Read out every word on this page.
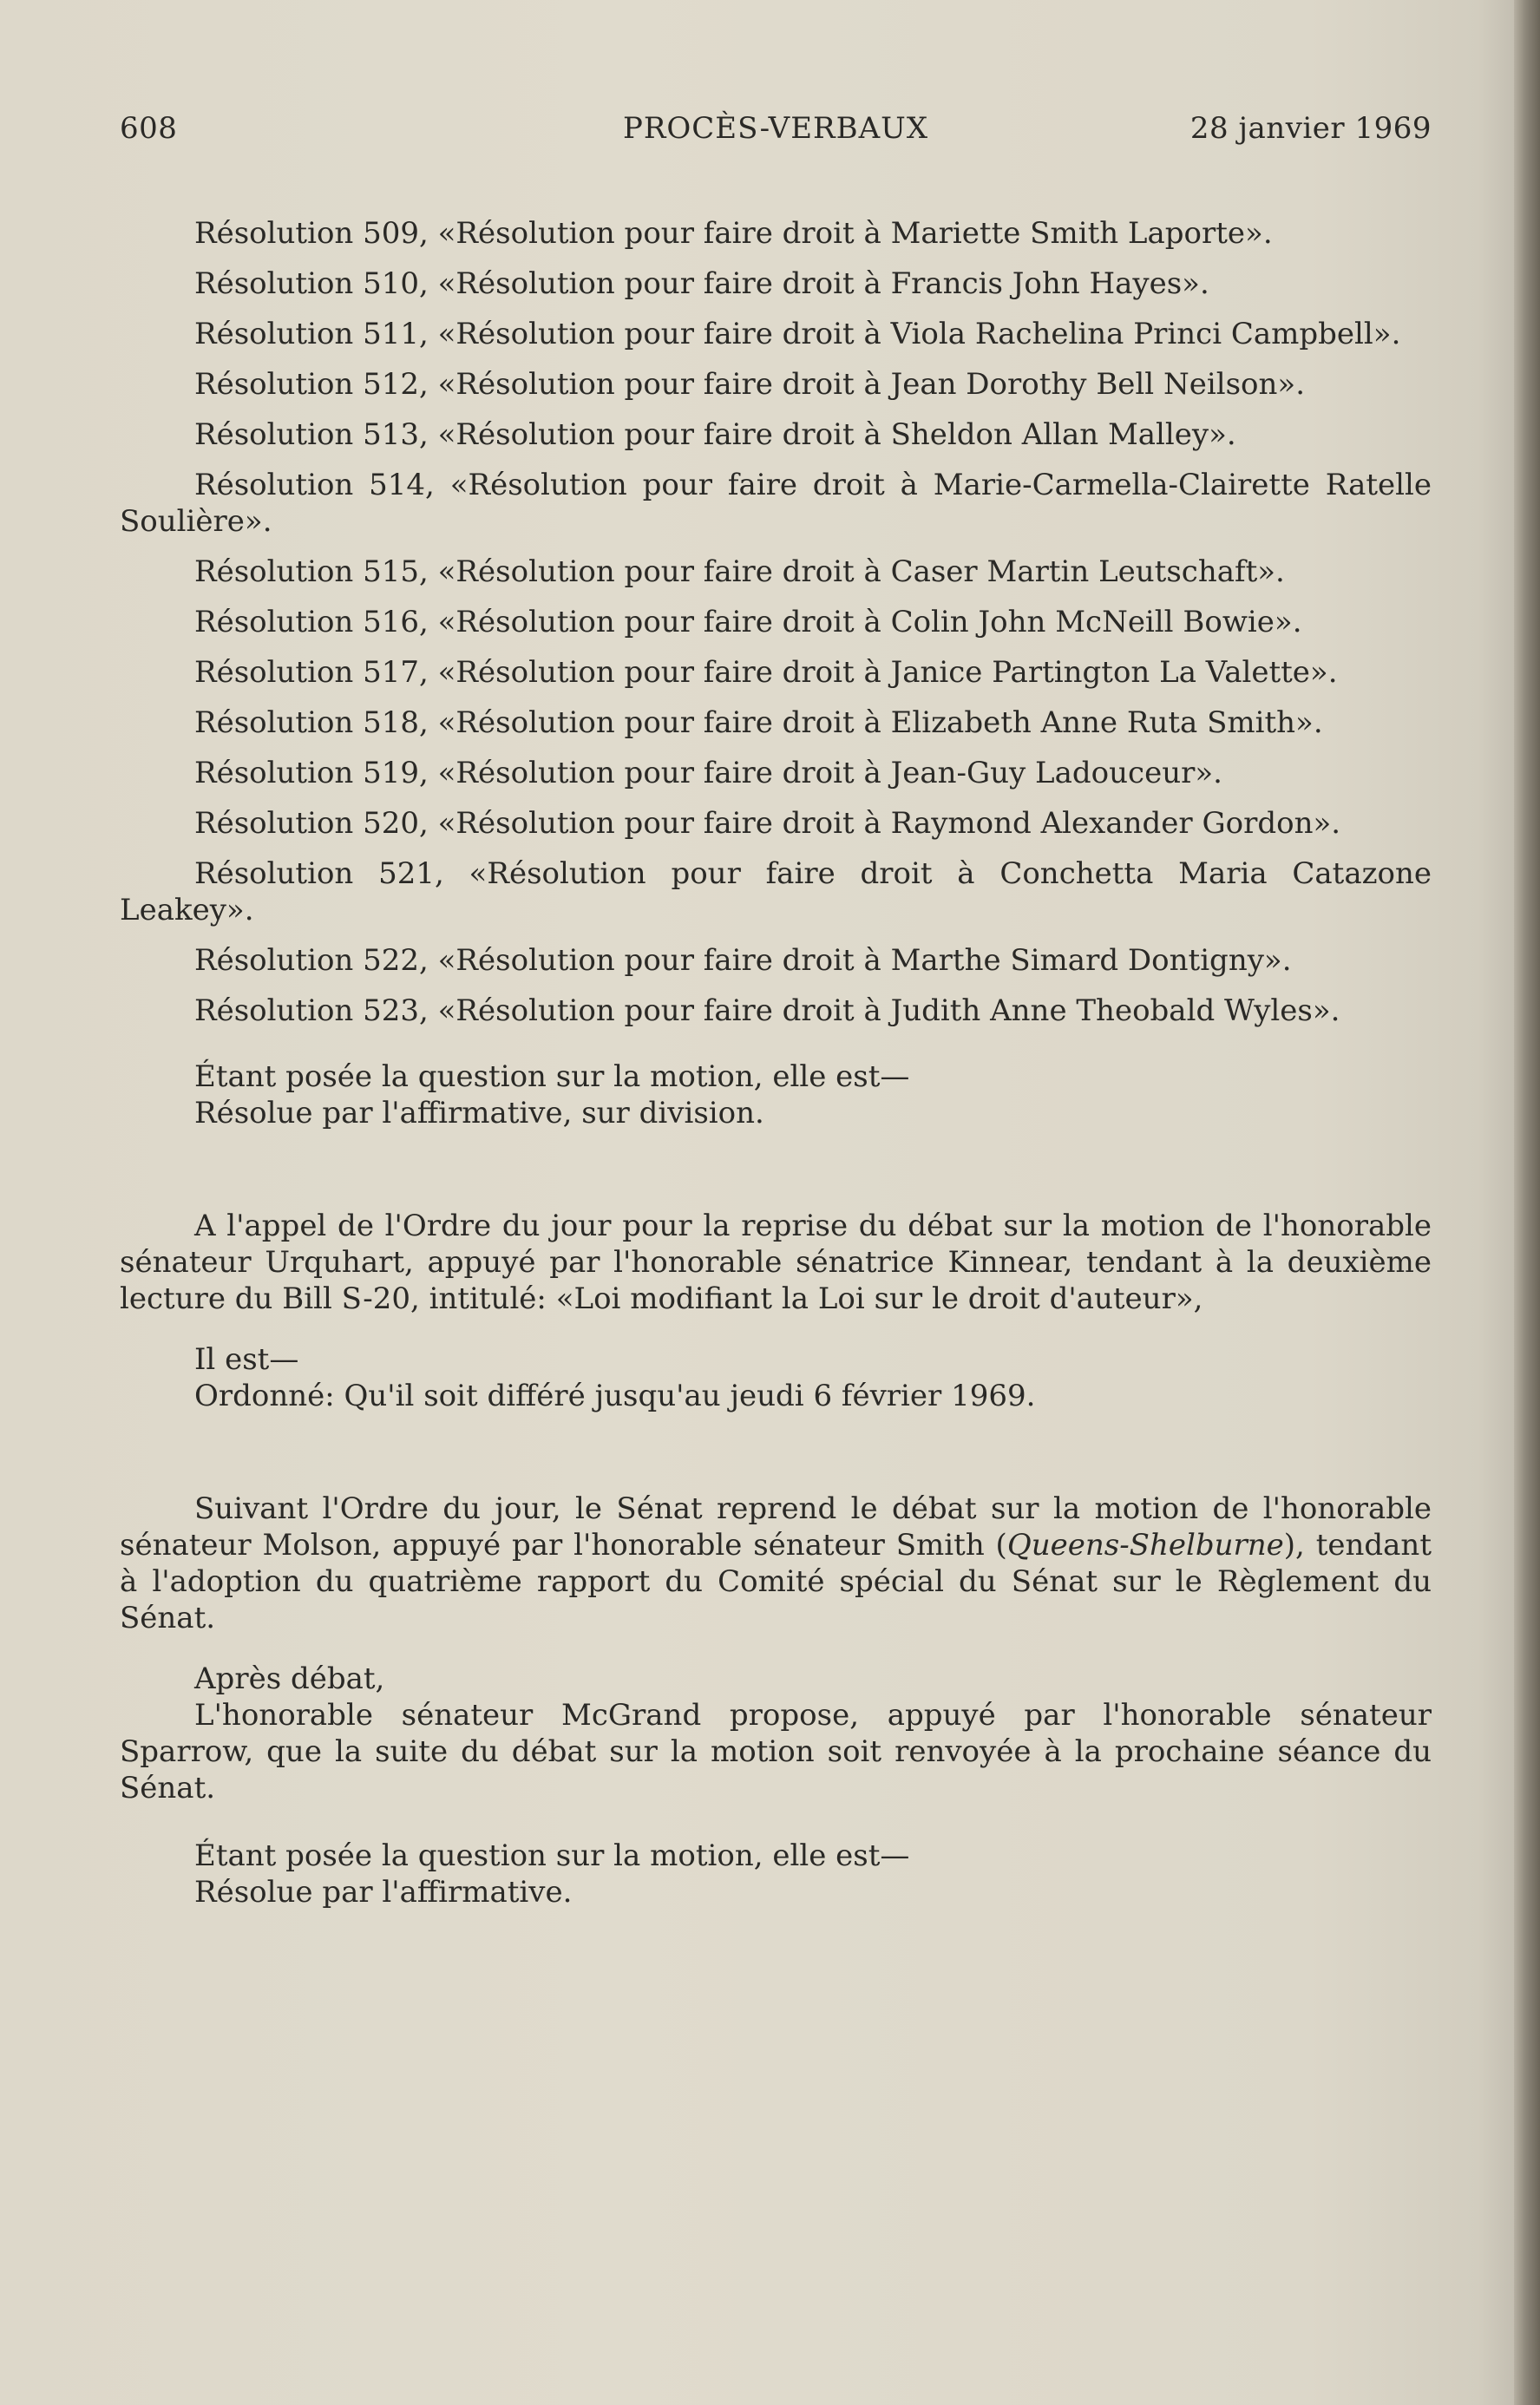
608	PROCÈS-VERBAUX	28 janvier 1969

Résolution 509, «Résolution pour faire droit à Mariette Smith Laporte».

Résolution 510, «Résolution pour faire droit à Francis John Hayes».

Résolution 511, «Résolution pour faire droit à Viola Rachelina Princi Campbell».

Résolution 512, «Résolution pour faire droit à Jean Dorothy Bell Neilson».

Résolution 513, «Résolution pour faire droit à Sheldon Allan Malley».

Résolution 514, «Résolution pour faire droit à Marie-Carmella-Clairette Ratelle Soulière».

Résolution 515, «Résolution pour faire droit à Caser Martin Leutschaft».

Résolution 516, «Résolution pour faire droit à Colin John McNeill Bowie».

Résolution 517, «Résolution pour faire droit à Janice Partington La Valette».

Résolution 518, «Résolution pour faire droit à Elizabeth Anne Ruta Smith».

Résolution 519, «Résolution pour faire droit à Jean-Guy Ladouceur».

Résolution 520, «Résolution pour faire droit à Raymond Alexander Gordon».

Résolution 521, «Résolution pour faire droit à Conchetta Maria Catazone Leakey».

Résolution 522, «Résolution pour faire droit à Marthe Simard Dontigny».

Résolution 523, «Résolution pour faire droit à Judith Anne Theobald Wyles».

Étant posée la question sur la motion, elle est—
Résolue par l'affirmative, sur division.

A l'appel de l'Ordre du jour pour la reprise du débat sur la motion de l'honorable sénateur Urquhart, appuyé par l'honorable sénatrice Kinnear, tendant à la deuxième lecture du Bill S-20, intitulé: «Loi modifiant la Loi sur le droit d'auteur»,

Il est—
Ordonné: Qu'il soit différé jusqu'au jeudi 6 février 1969.

Suivant l'Ordre du jour, le Sénat reprend le débat sur la motion de l'honorable sénateur Molson, appuyé par l'honorable sénateur Smith (Queens-Shelburne), tendant à l'adoption du quatrième rapport du Comité spécial du Sénat sur le Règlement du Sénat.

Après débat,

L'honorable sénateur McGrand propose, appuyé par l'honorable sénateur Sparrow, que la suite du débat sur la motion soit renvoyée à la prochaine séance du Sénat.

Étant posée la question sur la motion, elle est—
Résolue par l'affirmative.
